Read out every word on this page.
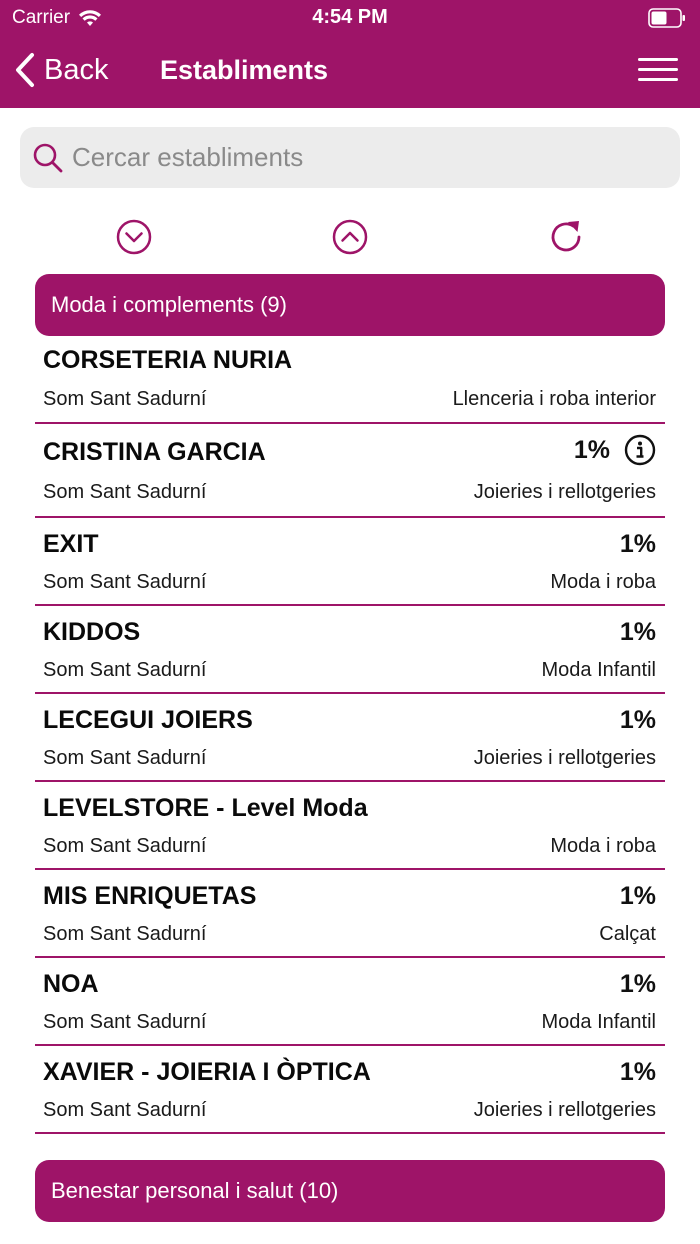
Carrier	4:54 PM
Back Establiments
Cercar establiments
Moda i complements (9)
CORSETERIA NURIA
Som Sant Sadurní	Llenceria i roba interior
CRISTINA GARCIA	1%
Som Sant Sadurní	Joieries i rellotgeries
EXIT	1%
Som Sant Sadurní	Moda i roba
KIDDOS	1%
Som Sant Sadurní	Moda Infantil
LECEGUI JOIERS	1%
Som Sant Sadurní	Joieries i rellotgeries
LEVELSTORE - Level Moda
Som Sant Sadurní	Moda i roba
MIS ENRIQUETAS	1%
Som Sant Sadurní	Calçat
NOA	1%
Som Sant Sadurní	Moda Infantil
XAVIER - JOIERIA I ÒPTICA	1%
Som Sant Sadurní	Joieries i rellotgeries
Benestar personal i salut (10)
